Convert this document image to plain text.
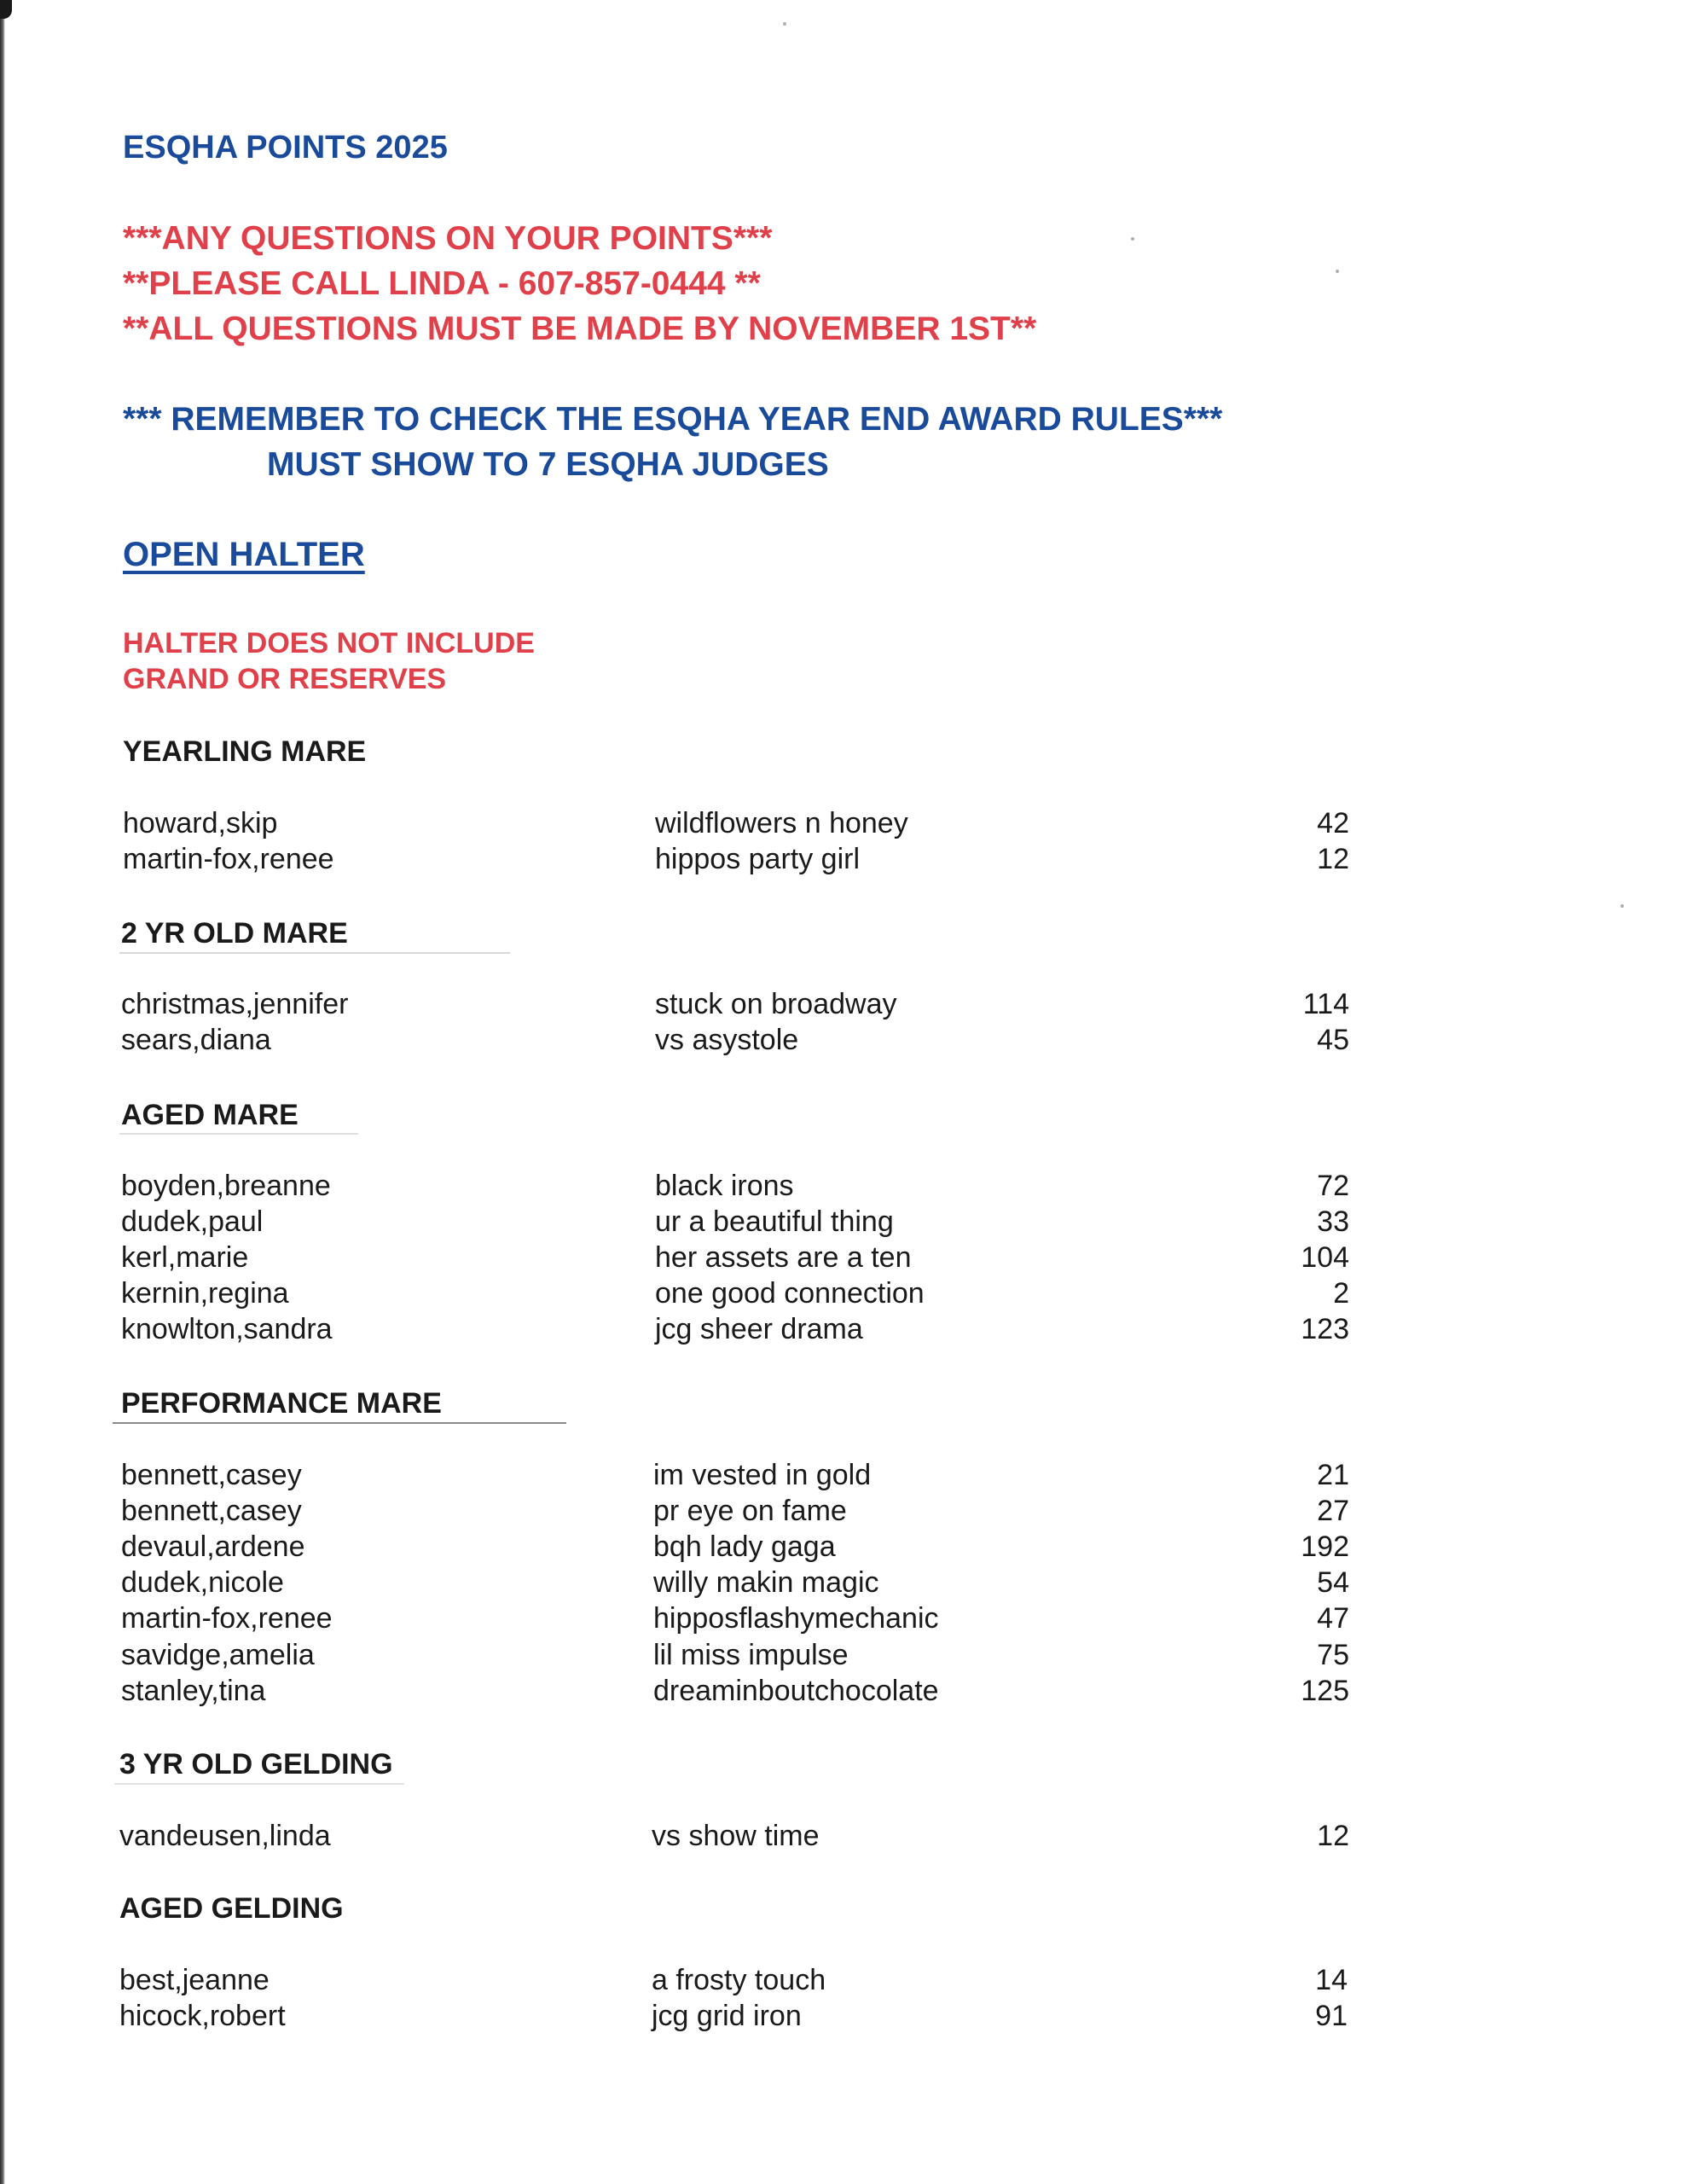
ESQHA POINTS 2025
***ANY QUESTIONS ON YOUR POINTS***
**PLEASE CALL LINDA - 607-857-0444 **
**ALL QUESTIONS MUST BE MADE BY NOVEMBER 1ST**
*** REMEMBER TO CHECK THE ESQHA YEAR END AWARD RULES***
MUST SHOW TO 7 ESQHA JUDGES
OPEN HALTER
HALTER DOES NOT INCLUDE
GRAND OR RESERVES
YEARLING MARE
howard,skip	wildflowers n honey	42
martin-fox,renee	hippos party girl	12
2 YR OLD MARE
christmas,jennifer	stuck on broadway	114
sears,diana	vs asystole	45
AGED MARE
boyden,breanne	black irons	72
dudek,paul	ur a beautiful thing	33
kerl,marie	her assets are a ten	104
kernin,regina	one good connection	2
knowlton,sandra	jcg sheer drama	123
PERFORMANCE MARE
bennett,casey	im vested in gold	21
bennett,casey	pr eye on fame	27
devaul,ardene	bqh lady gaga	192
dudek,nicole	willy makin magic	54
martin-fox,renee	hipposflashymechanic	47
savidge,amelia	lil miss impulse	75
stanley,tina	dreaminboutchocolate	125
3 YR OLD GELDING
vandeusen,linda	vs show time	12
AGED GELDING
best,jeanne	a frosty touch	14
hicock,robert	jcg grid iron	91
